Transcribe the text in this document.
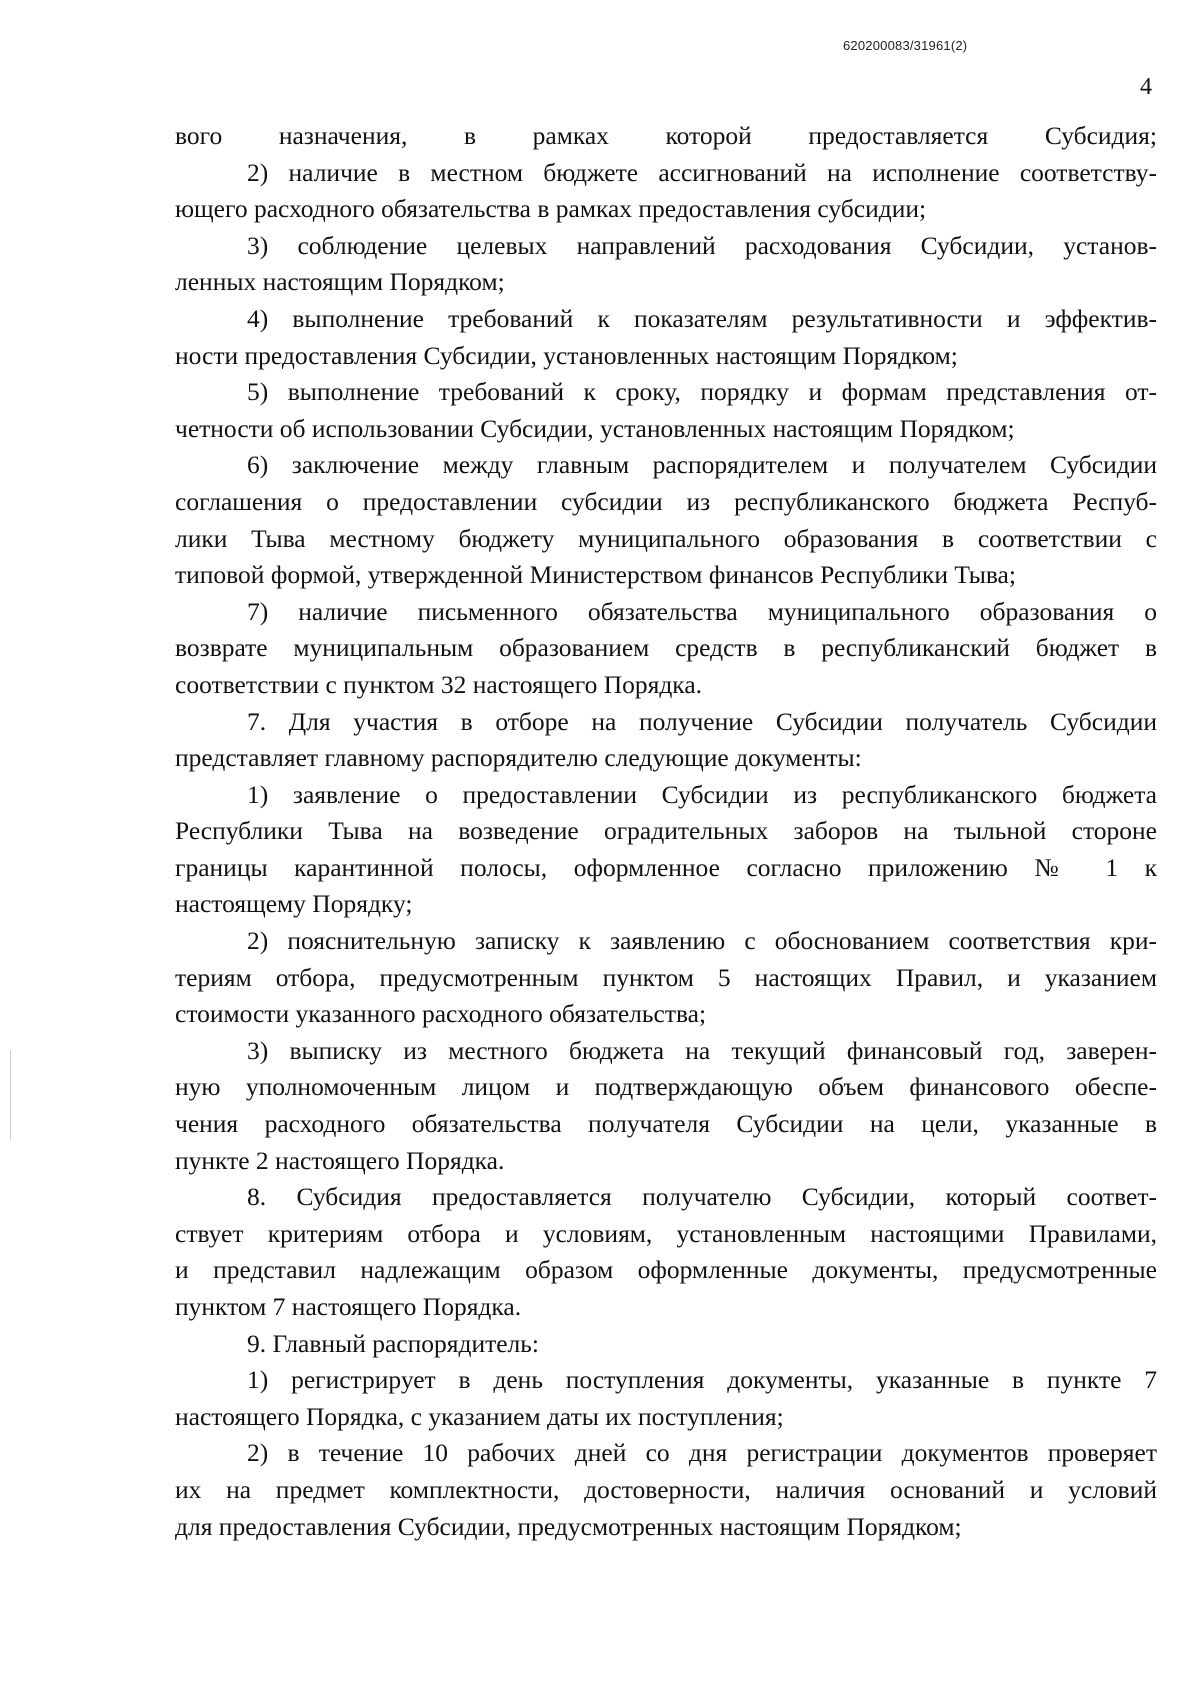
620200083/31961(2)
4
вого назначения, в рамках которой предоставляется Субсидия;
2) наличие в местном бюджете ассигнований на исполнение соответству-
ющего расходного обязательства в рамках предоставления субсидии;
3) соблюдение целевых направлений расходования Субсидии, установ-
ленных настоящим Порядком;
4) выполнение требований к показателям результативности и эффектив-
ности предоставления Субсидии, установленных настоящим Порядком;
5) выполнение требований к сроку, порядку и формам представления от-
четности об использовании Субсидии, установленных настоящим Порядком;
6) заключение между главным распорядителем и получателем Субсидии
соглашения о предоставлении субсидии из республиканского бюджета Респуб-
лики Тыва местному бюджету муниципального образования в соответствии с
типовой формой, утвержденной Министерством финансов Республики Тыва;
7) наличие письменного обязательства муниципального образования о
возврате муниципальным образованием средств в республиканский бюджет в
соответствии с пунктом 32 настоящего Порядка.
7. Для участия в отборе на получение Субсидии получатель Субсидии
представляет главному распорядителю следующие документы:
1) заявление о предоставлении Субсидии из республиканского бюджета
Республики Тыва на возведение оградительных заборов на тыльной стороне
границы карантинной полосы, оформленное согласно приложению № 1 к
настоящему Порядку;
2) пояснительную записку к заявлению с обоснованием соответствия кри-
териям отбора, предусмотренным пунктом 5 настоящих Правил, и указанием
стоимости указанного расходного обязательства;
3) выписку из местного бюджета на текущий финансовый год, заверен-
ную уполномоченным лицом и подтверждающую объем финансового обеспе-
чения расходного обязательства получателя Субсидии на цели, указанные в
пункте 2 настоящего Порядка.
8. Субсидия предоставляется получателю Субсидии, который соответ-
ствует критериям отбора и условиям, установленным настоящими Правилами,
и представил надлежащим образом оформленные документы, предусмотренные
пунктом 7 настоящего Порядка.
9. Главный распорядитель:
1) регистрирует в день поступления документы, указанные в пункте 7
настоящего Порядка, с указанием даты их поступления;
2) в течение 10 рабочих дней со дня регистрации документов проверяет
их на предмет комплектности, достоверности, наличия оснований и условий
для предоставления Субсидии, предусмотренных настоящим Порядком;
